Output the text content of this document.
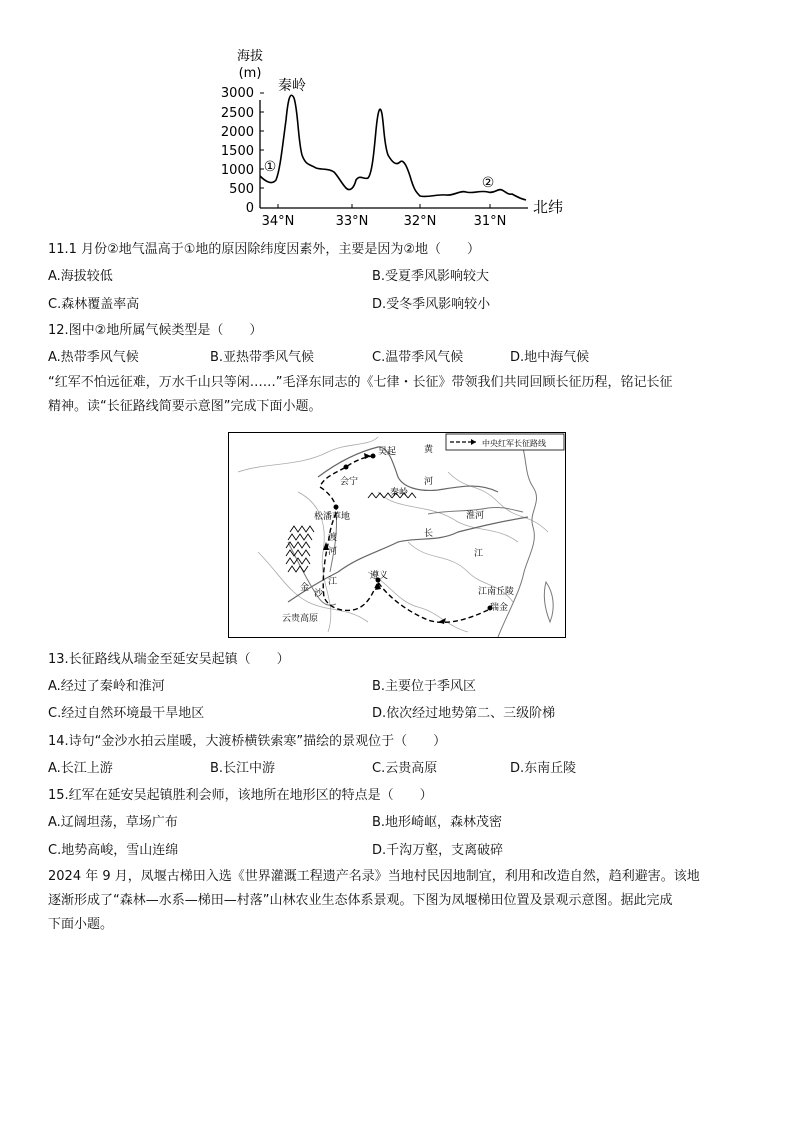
海拔
(m)
秦岭
3000
2500
2000
1500
1000
500
0
①
②
34°N	33°N	32°N	31°N
北纬
11.1 月份②地气温高于①地的原因除纬度因素外，主要是因为②地（　　）
A.海拔较低	B.受夏季风影响较大
C.森林覆盖率高	D.受冬季风影响较小
12.图中②地所属气候类型是（　　）
A.热带季风气候	B.亚热带季风气候	C.温带季风气候	D.地中海气候
“红军不怕远征难，万水千山只等闲……”毛泽东同志的《七律・长征》带领我们共同回顾长征历程，铭记长征
精神。读“长征路线简要示意图”完成下面小题。
中央红军长征路线
吴起	黄
河
会宁
秦岭
松潘草地	淮河
长
江
渡
河
江
金
沙
遵义
江南丘陵
瑞金
云贵高原
13.长征路线从瑞金至延安吴起镇（　　）
A.经过了秦岭和淮河	B.主要位于季风区
C.经过自然环境最干旱地区	D.依次经过地势第二、三级阶梯
14.诗句“金沙水拍云崖暖，大渡桥横铁索寒”描绘的景观位于（　　）
A.长江上游	B.长江中游	C.云贵高原	D.东南丘陵
15.红军在延安吴起镇胜利会师，该地所在地形区的特点是（　　）
A.辽阔坦荡，草场广布	B.地形崎岖，森林茂密
C.地势高峻，雪山连绵	D.千沟万壑，支离破碎
2024 年 9 月，凤堰古梯田入选《世界灌溉工程遗产名录》当地村民因地制宜，利用和改造自然，趋利避害。该地
逐渐形成了“森林—水系—梯田—村落”山林农业生态体系景观。下图为凤堰梯田位置及景观示意图。据此完成
下面小题。
